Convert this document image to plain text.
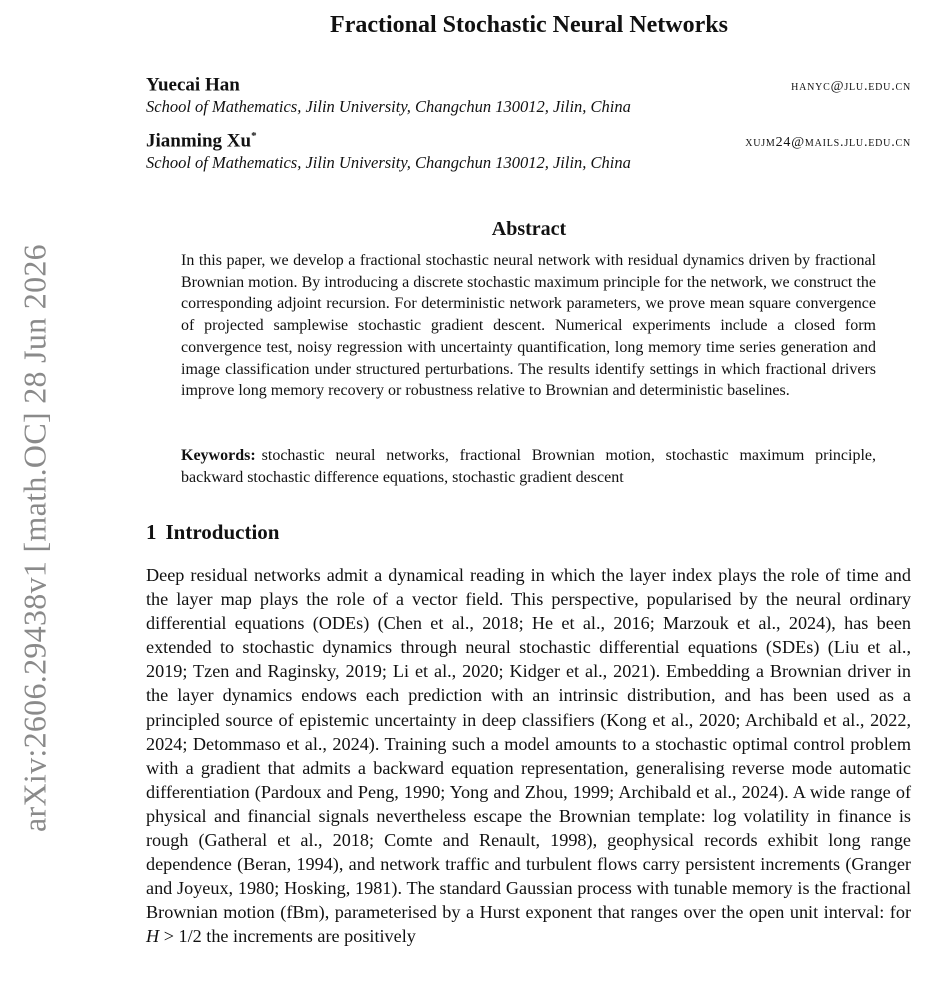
arXiv:2606.29438v1 [math.OC] 28 Jun 2026
Fractional Stochastic Neural Networks
Yuecai Han	hanyc@jlu.edu.cn
School of Mathematics, Jilin University, Changchun 130012, Jilin, China
Jianming Xu*	xujm24@mails.jlu.edu.cn
School of Mathematics, Jilin University, Changchun 130012, Jilin, China
Abstract
In this paper, we develop a fractional stochastic neural network with residual dynamics driven by fractional Brownian motion. By introducing a discrete stochastic maximum principle for the network, we construct the corresponding adjoint recursion. For deterministic network parameters, we prove mean square convergence of projected samplewise stochastic gradient descent. Numerical experiments include a closed form convergence test, noisy regression with uncertainty quantification, long memory time series generation and image classification under structured perturbations. The results identify settings in which fractional drivers improve long memory recovery or robustness relative to Brownian and deterministic baselines.
Keywords: stochastic neural networks, fractional Brownian motion, stochastic maximum principle, backward stochastic difference equations, stochastic gradient descent
1 Introduction
Deep residual networks admit a dynamical reading in which the layer index plays the role of time and the layer map plays the role of a vector field. This perspective, popularised by the neural ordinary differential equations (ODEs) (Chen et al., 2018; He et al., 2016; Marzouk et al., 2024), has been extended to stochastic dynamics through neural stochastic differential equations (SDEs) (Liu et al., 2019; Tzen and Raginsky, 2019; Li et al., 2020; Kidger et al., 2021). Embedding a Brownian driver in the layer dynamics endows each prediction with an intrinsic distribution, and has been used as a principled source of epistemic uncertainty in deep classifiers (Kong et al., 2020; Archibald et al., 2022, 2024; Detommaso et al., 2024). Training such a model amounts to a stochastic optimal control problem with a gradient that admits a backward equation representation, generalising reverse mode automatic differentiation (Pardoux and Peng, 1990; Yong and Zhou, 1999; Archibald et al., 2024). A wide range of physical and financial signals nevertheless escape the Brownian template: log volatility in finance is rough (Gatheral et al., 2018; Comte and Renault, 1998), geophysical records exhibit long range dependence (Beran, 1994), and network traffic and turbulent flows carry persistent increments (Granger and Joyeux, 1980; Hosking, 1981). The standard Gaussian process with tunable memory is the fractional Brownian motion (fBm), parameterised by a Hurst exponent that ranges over the open unit interval: for H > 1/2 the increments are positively
